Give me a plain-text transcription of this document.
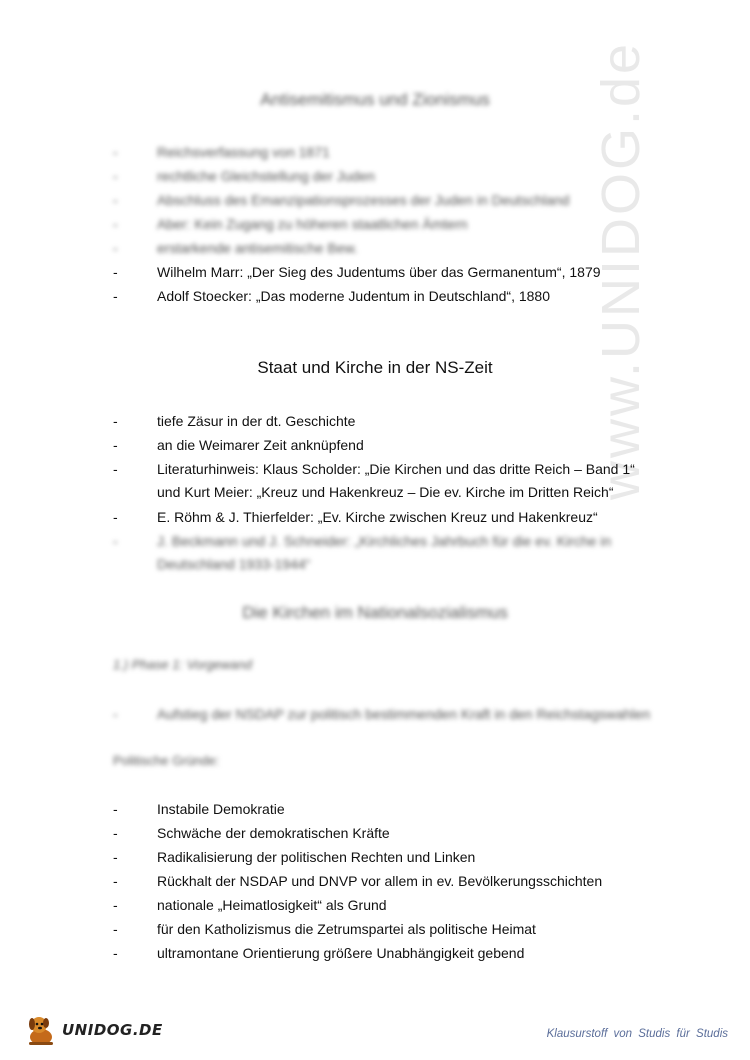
www.UNIDOG.de
Antisemitismus und Zionismus
-	Reichsverfassung von 1871
-	rechtliche Gleichstellung der Juden
-	Abschluss des Emanzipationsprozesses der Juden in Deutschland
-	Aber: Kein Zugang zu höheren staatlichen Ämtern
-	erstarkende antisemitische Bew.
-	Wilhelm Marr: „Der Sieg des Judentums über das Germanentum“, 1879
-	Adolf Stoecker: „Das moderne Judentum in Deutschland“, 1880
Staat und Kirche in der NS-Zeit
-	tiefe Zäsur in der dt. Geschichte
-	an die Weimarer Zeit anknüpfend
-	Literaturhinweis: Klaus Scholder: „Die Kirchen und das dritte Reich – Band 1“
und Kurt Meier: „Kreuz und Hakenkreuz – Die ev. Kirche im Dritten Reich“
-	E. Röhm & J. Thierfelder: „Ev. Kirche zwischen Kreuz und Hakenkreuz“
-	J. Beckmann und J. Schneider: „Kirchliches Jahrbuch für die ev. Kirche in
Deutschland 1933-1944“
Die Kirchen im Nationalsozialismus
1.) Phase 1: Vorgewand
-	Aufstieg der NSDAP zur politisch bestimmenden Kraft in den Reichstagswahlen
Politische Gründe:
-	Instabile Demokratie
-	Schwäche der demokratischen Kräfte
-	Radikalisierung der politischen Rechten und Linken
-	Rückhalt der NSDAP und DNVP vor allem in ev. Bevölkerungsschichten
-	nationale „Heimatlosigkeit“ als Grund
-	für den Katholizismus die Zetrumspartei als politische Heimat
-	ultramontane Orientierung größere Unabhängigkeit gebend
UNIDOG.DE	Klausurstoff von Studis für Studis
